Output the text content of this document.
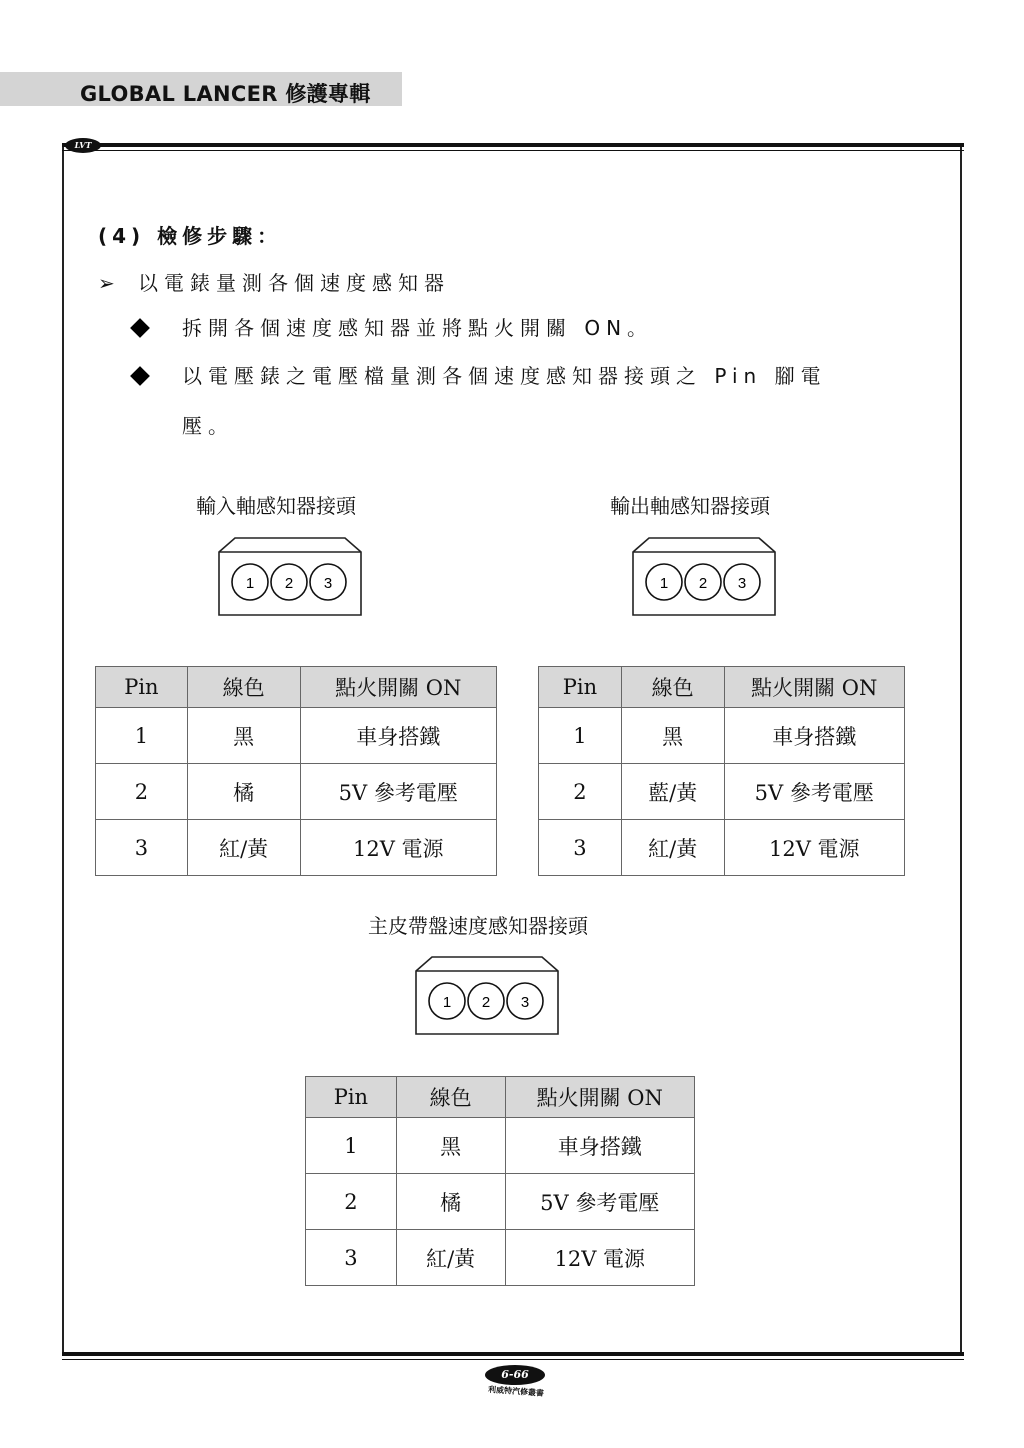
GLOBAL LANCER 修護專輯
LVT
(4) 檢修步驟：
➢ 以電錶量測各個速度感知器
拆開各個速度感知器並將點火開關 ON。
以電壓錶之電壓檔量測各個速度感知器接頭之 Pin 腳電
壓。
輸入軸感知器接頭
1 2 3
輸出軸感知器接頭
1 2 3
Pin	線色	點火開關 ON
1	黑	車身搭鐵
2	橘	5V 參考電壓
3	紅/黃	12V 電源
Pin	線色	點火開關 ON
1	黑	車身搭鐵
2	藍/黃	5V 參考電壓
3	紅/黃	12V 電源
主皮帶盤速度感知器接頭
1 2 3
Pin	線色	點火開關 ON
1	黑	車身搭鐵
2	橘	5V 參考電壓
3	紅/黃	12V 電源
6-66
利威特汽修叢書
